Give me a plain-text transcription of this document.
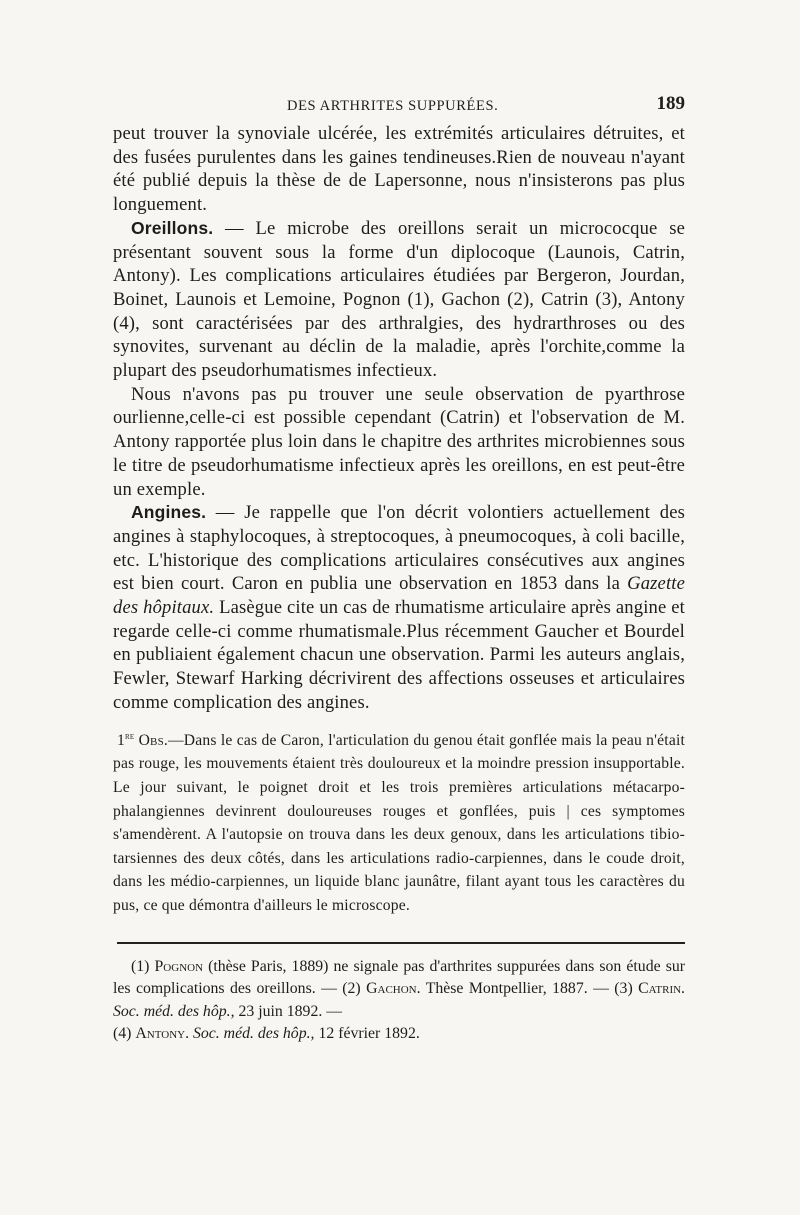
DES ARTHRITES SUPPURÉES.	189

peut trouver la synoviale ulcérée, les extrémités articulaires détruites, et des fusées purulentes dans les gaines tendineuses.Rien de nouveau n'ayant été publié depuis la thèse de de Lapersonne, nous n'insisterons pas plus longuement.

Oreillons. — Le microbe des oreillons serait un micrococque se présentant souvent sous la forme d'un diplocoque (Launois, Catrin, Antony). Les complications articulaires étudiées par Bergeron, Jourdan, Boinet, Launois et Lemoine, Pognon (1), Gachon (2), Catrin (3), Antony (4), sont caractérisées par des arthralgies, des hydrarthroses ou des synovites, survenant au déclin de la maladie, après l'orchite,comme la plupart des pseudorhumatismes infectieux.

Nous n'avons pas pu trouver une seule observation de pyarthrose ourlienne,celle-ci est possible cependant (Catrin) et l'observation de M. Antony rapportée plus loin dans le chapitre des arthrites microbiennes sous le titre de pseudorhumatisme infectieux après les oreillons, en est peut-être un exemple.

Angines. — Je rappelle que l'on décrit volontiers actuellement des angines à staphylocoques, à streptocoques, à pneumocoques, à coli bacille, etc. L'historique des complications articulaires consécutives aux angines est bien court. Caron en publia une observation en 1853 dans la Gazette des hôpitaux. Lasègue cite un cas de rhumatisme articulaire après angine et regarde celle-ci comme rhumatismale.Plus récemment Gaucher et Bourdel en publiaient également chacun une observation. Parmi les auteurs anglais, Fewler, Stewarf Harking décrivirent des affections osseuses et articulaires comme complication des angines.

1re Obs.—Dans le cas de Caron, l'articulation du genou était gonflée mais la peau n'était pas rouge, les mouvements étaient très douloureux et la moindre pression insupportable. Le jour suivant, le poignet droit et les trois premières articulations métacarpo-phalangiennes devinrent douloureuses rouges et gonflées, puis | ces symptomes s'amendèrent. A l'autopsie on trouva dans les deux genoux, dans les articulations tibio-tarsiennes des deux côtés, dans les articulations radio-carpiennes, dans le coude droit, dans les médio-carpiennes, un liquide blanc jaunâtre, filant ayant tous les caractères du pus, ce que démontra d'ailleurs le microscope.

(1) Pognon (thèse Paris, 1889) ne signale pas d'arthrites suppurées dans son étude sur les complications des oreillons. — (2) Gachon. Thèse Montpellier, 1887. — (3) Catrin. Soc. méd. des hôp., 23 juin 1892. —
(4) Antony. Soc. méd. des hôp., 12 février 1892.
